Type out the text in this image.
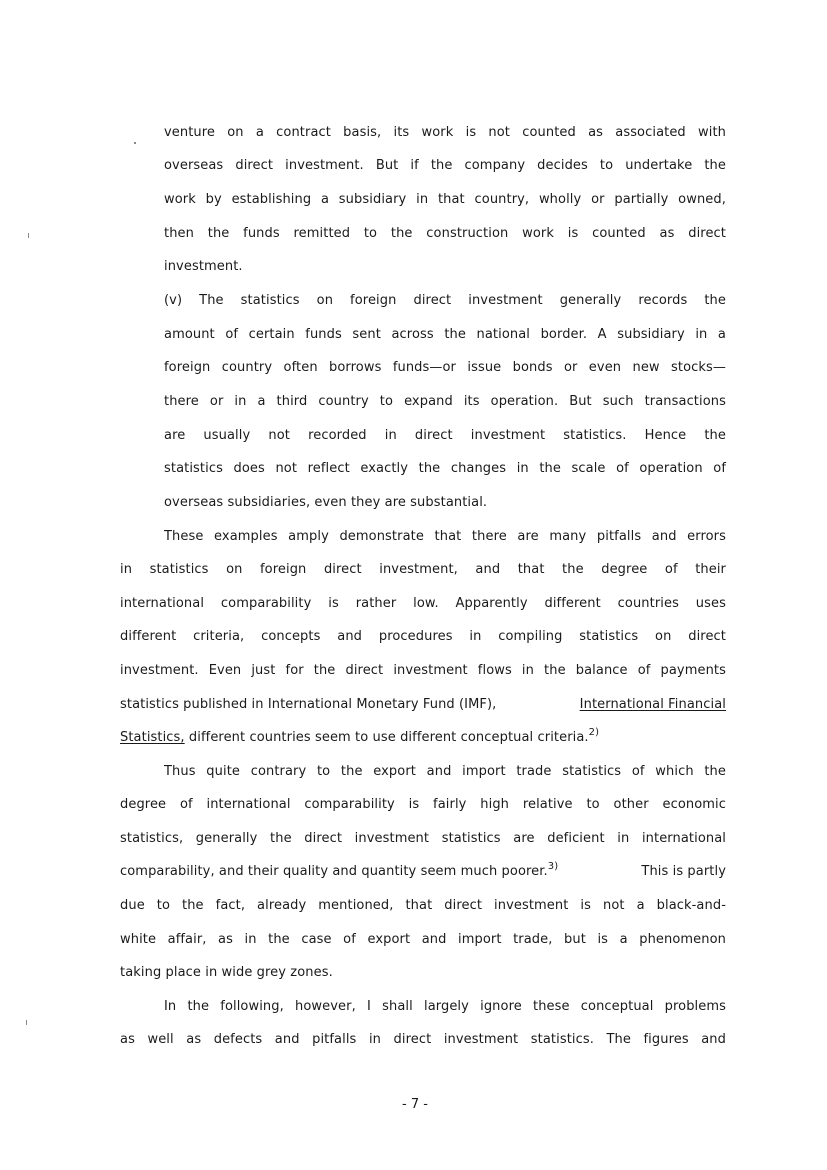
venture on a contract basis, its work is not counted as associated with
overseas direct investment. But if the company decides to undertake the
work by establishing a subsidiary in that country, wholly or partially owned,
then the funds remitted to the construction work is counted as direct
investment.
(v) The statistics on foreign direct investment generally records the
amount of certain funds sent across the national border. A subsidiary in a
foreign country often borrows funds—or issue bonds or even new stocks—
there or in a third country to expand its operation. But such transactions
are usually not recorded in direct investment statistics. Hence the
statistics does not reflect exactly the changes in the scale of operation of
overseas subsidiaries, even they are substantial.
These examples amply demonstrate that there are many pitfalls and errors
in statistics on foreign direct investment, and that the degree of their
international comparability is rather low. Apparently different countries uses
different criteria, concepts and procedures in compiling statistics on direct
investment. Even just for the direct investment flows in the balance of payments
statistics published in International Monetary Fund (IMF),	International Financial
Statistics, different countries seem to use different conceptual criteria.$^{2)}$
Thus quite contrary to the export and import trade statistics of which the
degree of international comparability is fairly high relative to other economic
statistics, generally the direct investment statistics are deficient in international
comparability, and their quality and quantity seem much poorer.$^{3)}$	This is partly
due to the fact, already mentioned, that direct investment is not a black-and-
white affair, as in the case of export and import trade, but is a phenomenon
taking place in wide grey zones.
In the following, however, I shall largely ignore these conceptual problems
as well as defects and pitfalls in direct investment statistics. The figures and
- 7 -
